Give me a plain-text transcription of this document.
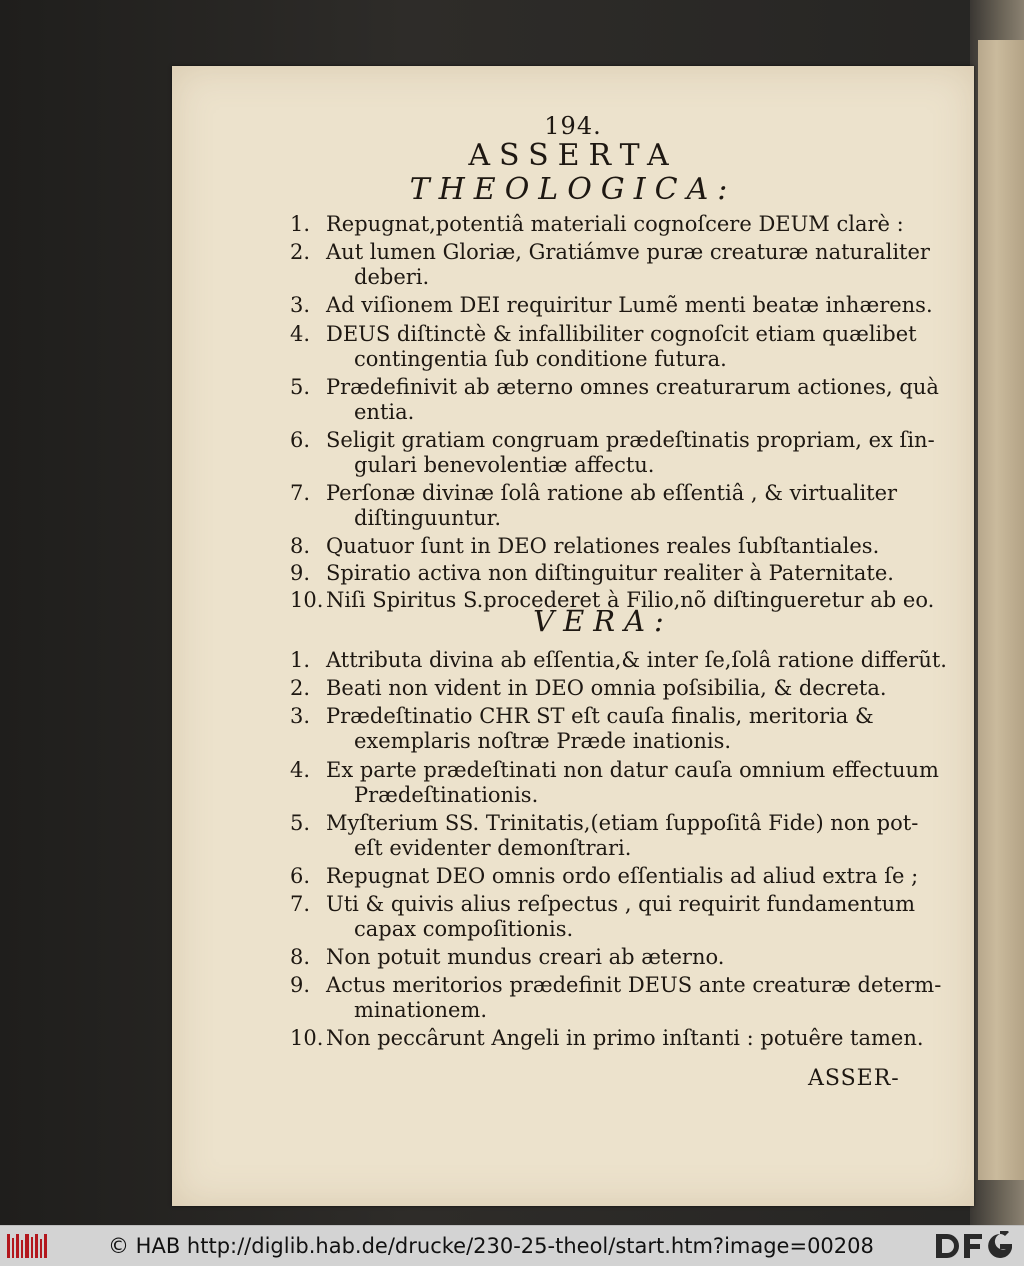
194.
ASSERTA
THEOLOGICA:
1. Repugnat,potentiâ materiali cognoſcere DEUM clarè :
2. Aut lumen Gloriæ, Gratiámve puræ creaturæ naturaliter
deberi.
3. Ad viſionem DEI requiritur Lumẽ menti beatæ inhærens.
4. DEUS diſtinctè & infallibiliter cognoſcit etiam quælibet
contingentia ſub conditione futura.
5. Prædefinivit ab æterno omnes creaturarum actiones, quà
entia.
6. Seligit gratiam congruam prædeſtinatis propriam, ex ſin-
gulari benevolentiæ affectu.
7. Perſonæ divinæ ſolâ ratione ab eſſentiâ , & virtualiter
diſtinguuntur.
8. Quatuor ſunt in DEO relationes reales ſubſtantiales.
9. Spiratio activa non diſtinguitur realiter à Paternitate.
10. Niſi Spiritus S.procederet à Filio,nõ diſtingueretur ab eo.
VERA:
1. Attributa divina ab eſſentia,& inter ſe,ſolâ ratione differũt.
2. Beati non vident in DEO omnia poſsibilia, & decreta.
3. Prædeſtinatio CHR ST eſt cauſa finalis, meritoria &
exemplaris noſtræ Præde inationis.
4. Ex parte prædeſtinati non datur cauſa omnium effectuum
Prædeſtinationis.
5. Myſterium SS. Trinitatis,(etiam ſuppoſitâ Fide) non pot-
eſt evidenter demonſtrari.
6. Repugnat DEO omnis ordo eſſentialis ad aliud extra ſe ;
7. Uti & quivis alius reſpectus , qui requirit fundamentum
capax compoſitionis.
8. Non potuit mundus creari ab æterno.
9. Actus meritorios prædefinit DEUS ante creaturæ determ-
minationem.
10. Non peccârunt Angeli in primo inſtanti : potuêre tamen.
ASSER-
© HAB http://diglib.hab.de/drucke/230-25-theol/start.htm?image=00208
